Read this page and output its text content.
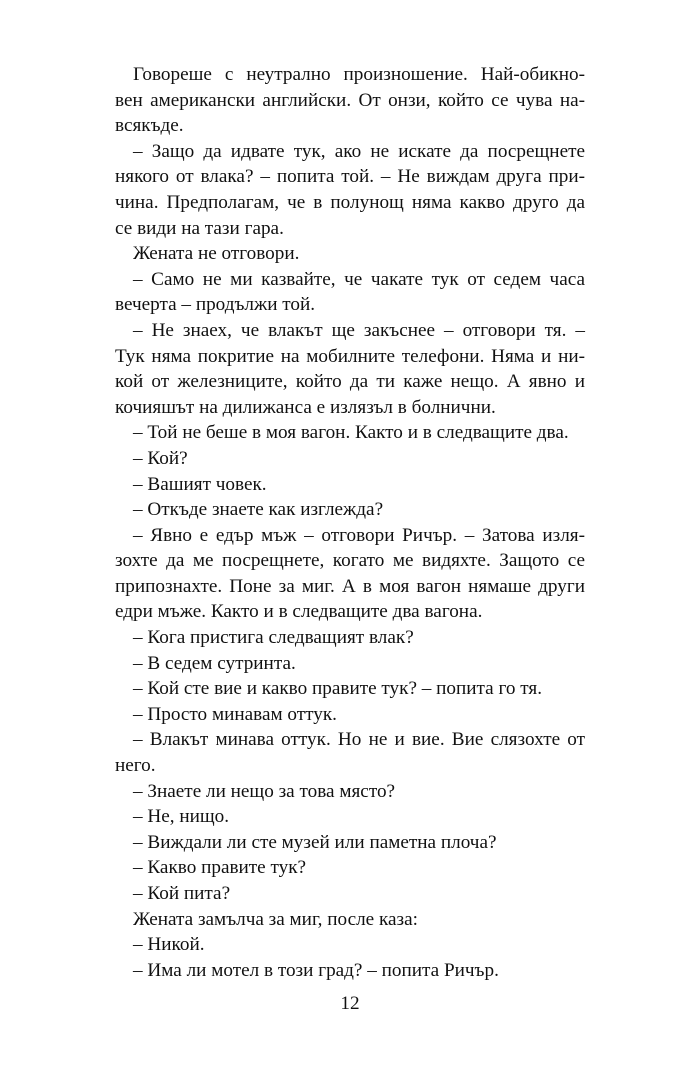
Говореше с неутрално произношение. Най-обикно-
вен американски английски. От онзи, който се чува на-
всякъде.
– Защо да идвате тук, ако не искате да посрещнете
някого от влака? – попита той. – Не виждам друга при-
чина. Предполагам, че в полунощ няма какво друго да
се види на тази гара.
Жената не отговори.
– Само не ми казвайте, че чакате тук от седем часа
вечерта – продължи той.
– Не знаех, че влакът ще закъснее – отговори тя. –
Тук няма покритие на мобилните телефони. Няма и ни-
кой от железниците, който да ти каже нещо. А явно и
кочияшът на дилижанса е излязъл в болнични.
– Той не беше в моя вагон. Както и в следващите два.
– Кой?
– Вашият човек.
– Откъде знаете как изглежда?
– Явно е едър мъж – отговори Ричър. – Затова изля-
зохте да ме посрещнете, когато ме видяхте. Защото се
припознахте. Поне за миг. А в моя вагон нямаше други
едри мъже. Както и в следващите два вагона.
– Кога пристига следващият влак?
– В седем сутринта.
– Кой сте вие и какво правите тук? – попита го тя.
– Просто минавам оттук.
– Влакът минава оттук. Но не и вие. Вие слязохте от
него.
– Знаете ли нещо за това място?
– Не, нищо.
– Виждали ли сте музей или паметна плоча?
– Какво правите тук?
– Кой пита?
Жената замълча за миг, после каза:
– Никой.
– Има ли мотел в този град? – попита Ричър.
12
